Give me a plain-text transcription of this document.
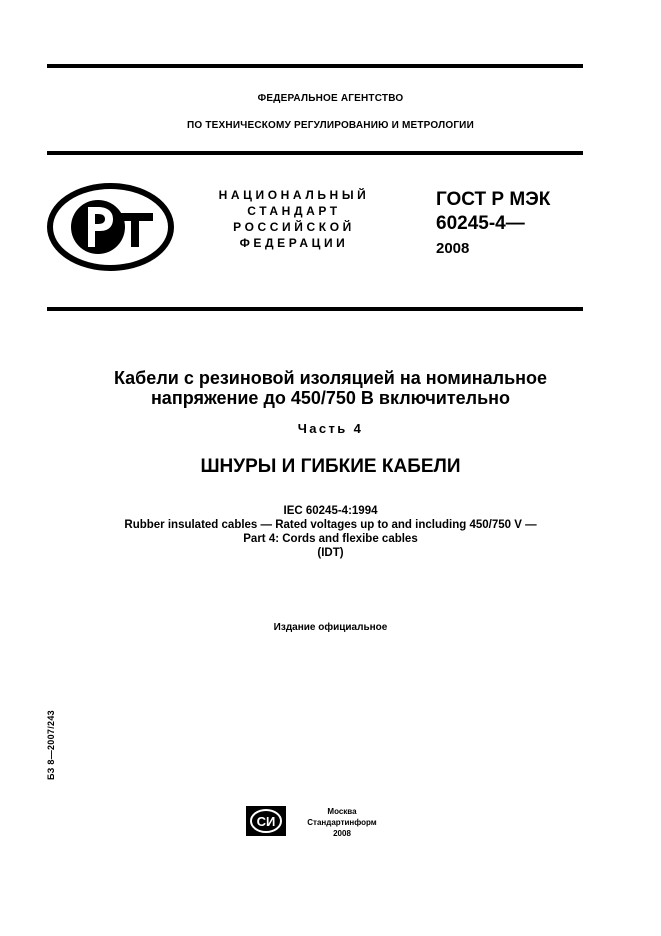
ФЕДЕРАЛЬНОЕ АГЕНТСТВО
ПО ТЕХНИЧЕСКОМУ РЕГУЛИРОВАНИЮ И МЕТРОЛОГИИ
НАЦИОНАЛЬНЫЙ
СТАНДАРТ
РОССИЙСКОЙ
ФЕДЕРАЦИИ
ГОСТ Р МЭК
60245-4—
2008
Кабели с резиновой изоляцией на номинальное
напряжение до 450/750 В включительно
Часть 4
ШНУРЫ И ГИБКИЕ КАБЕЛИ
IEC 60245-4:1994
Rubber insulated cables — Rated voltages up to and including 450/750 V —
Part 4: Cords and flexibe cables
(IDT)
Издание официальное
БЗ 8—2007/243
СИ
Москва
Стандартинформ
2008
